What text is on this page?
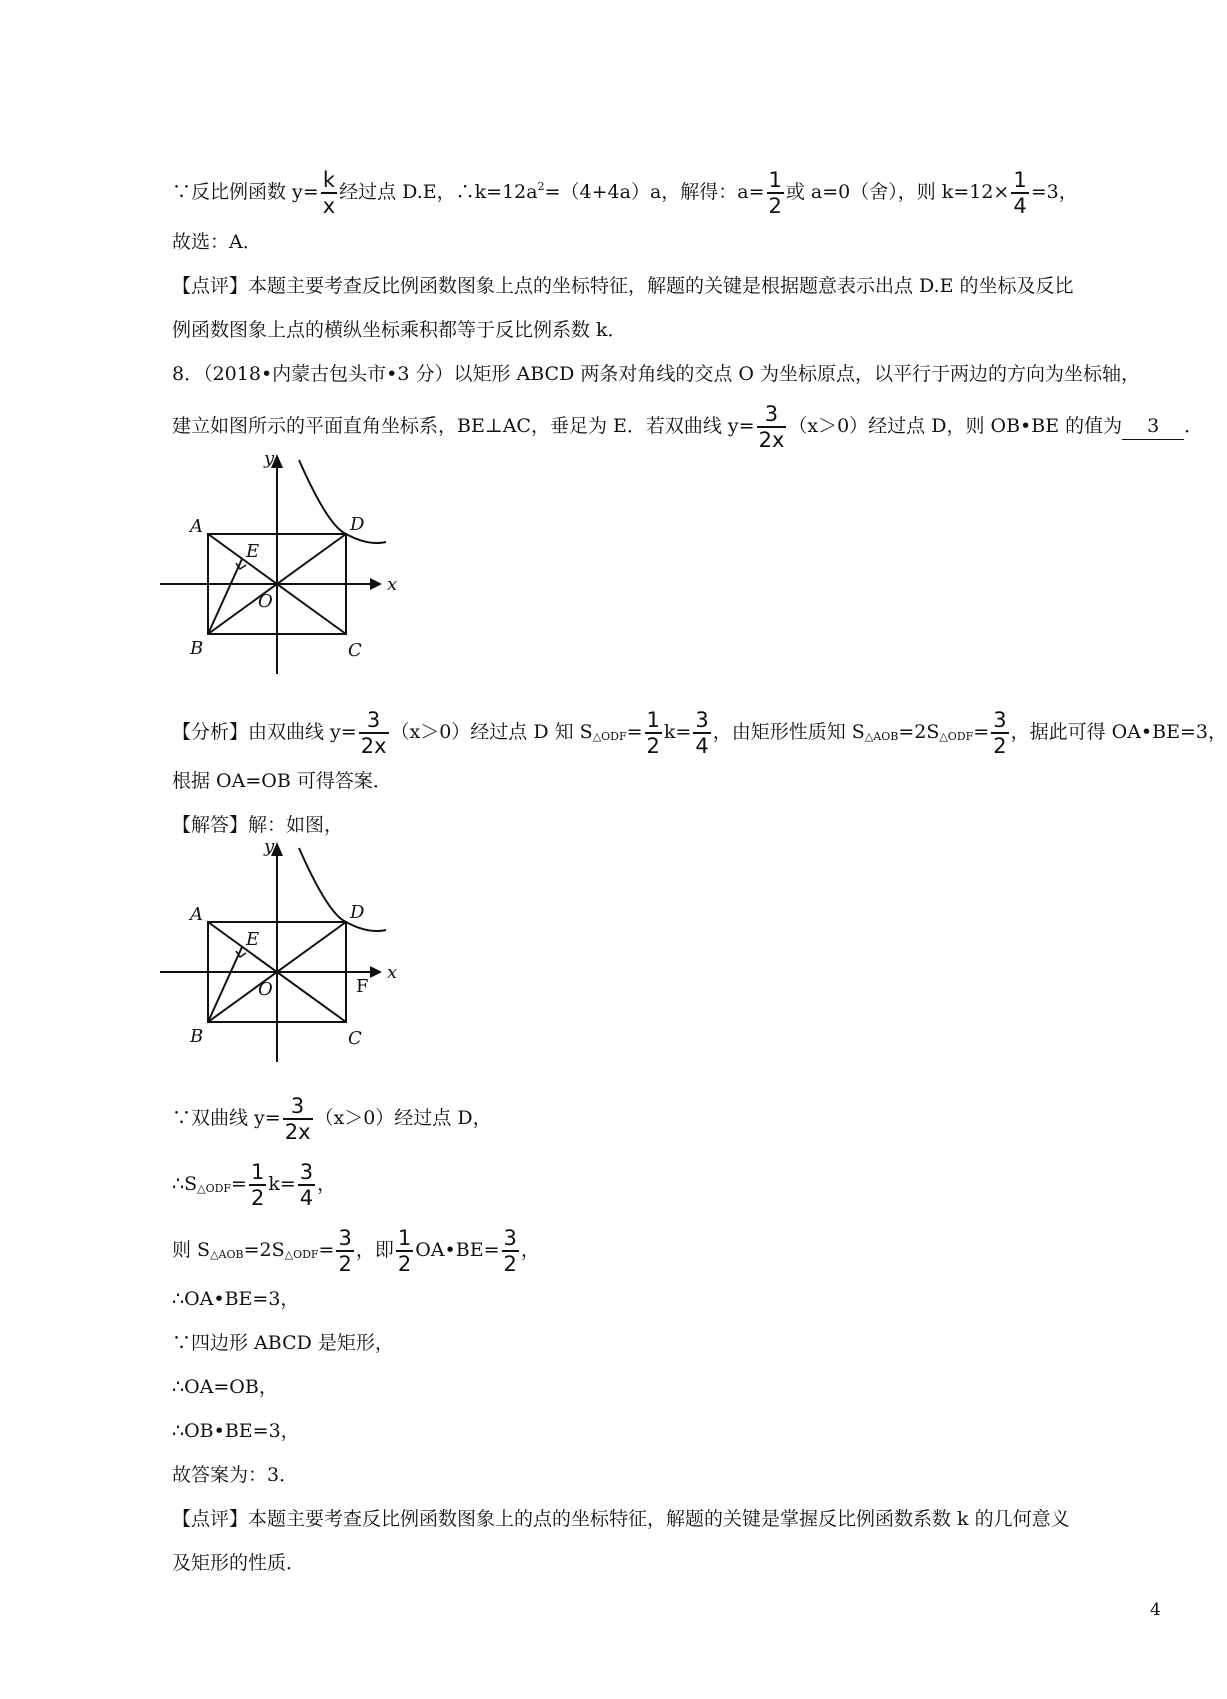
∵反比例函数 $y= \frac{k}{x}$ 经过点 D.E，$\therefore k=12a^2=(4+4a)a$，解得：$a= \frac{1}{2}$ 或 a=0（舍），则 $k=12\times \frac{1}{4} =3$，
故选：A．
【点评】本题主要考查反比例函数图象上点的坐标特征，解题的关键是根据题意表示出点 D.E 的坐标及反比
例函数图象上点的横纵坐标乘积都等于反比例系数 k．
8．（2018•内蒙古包头市•3 分）以矩形 ABCD 两条对角线的交点 O 为坐标原点，以平行于两边的方向为坐标轴，
建立如图所示的平面直角坐标系，BE⊥AC，垂足为 E．若双曲线 $y= \frac{3}{2x} (x>0)$经过点 D，则 OB•BE 的值为 3 ．
y
x
A
B	C
D
E
O
【分析】由双曲线 $y= \frac{3}{2x} (x>0)$经过点 D 知 S△ODF= $\frac{1}{2} k= \frac{3}{4}$ ，由矩形性质知 S△AOB=2S△ODF= $\frac{3}{2}$ ，据此可得 OA•BE=3，
根据 OA=OB 可得答案．
【解答】解：如图，
y
x
A
B	C
D
E
O	F
∵双曲线 $y= \frac{3}{2x} (x>0)$经过点 D，
∴S△ODF= $\frac{1}{2} k= \frac{3}{4}$ ，
则 S△AOB=2S△ODF= $\frac{3}{2}$ ，即 $\frac{1}{2}$ OA•BE= $\frac{3}{2}$ ，
∴OA•BE=3，
∵四边形 ABCD 是矩形，
∴OA=OB，
∴OB•BE=3，
故答案为：3．
【点评】本题主要考查反比例函数图象上的点的坐标特征，解题的关键是掌握反比例函数系数 k 的几何意义
及矩形的性质．
4
